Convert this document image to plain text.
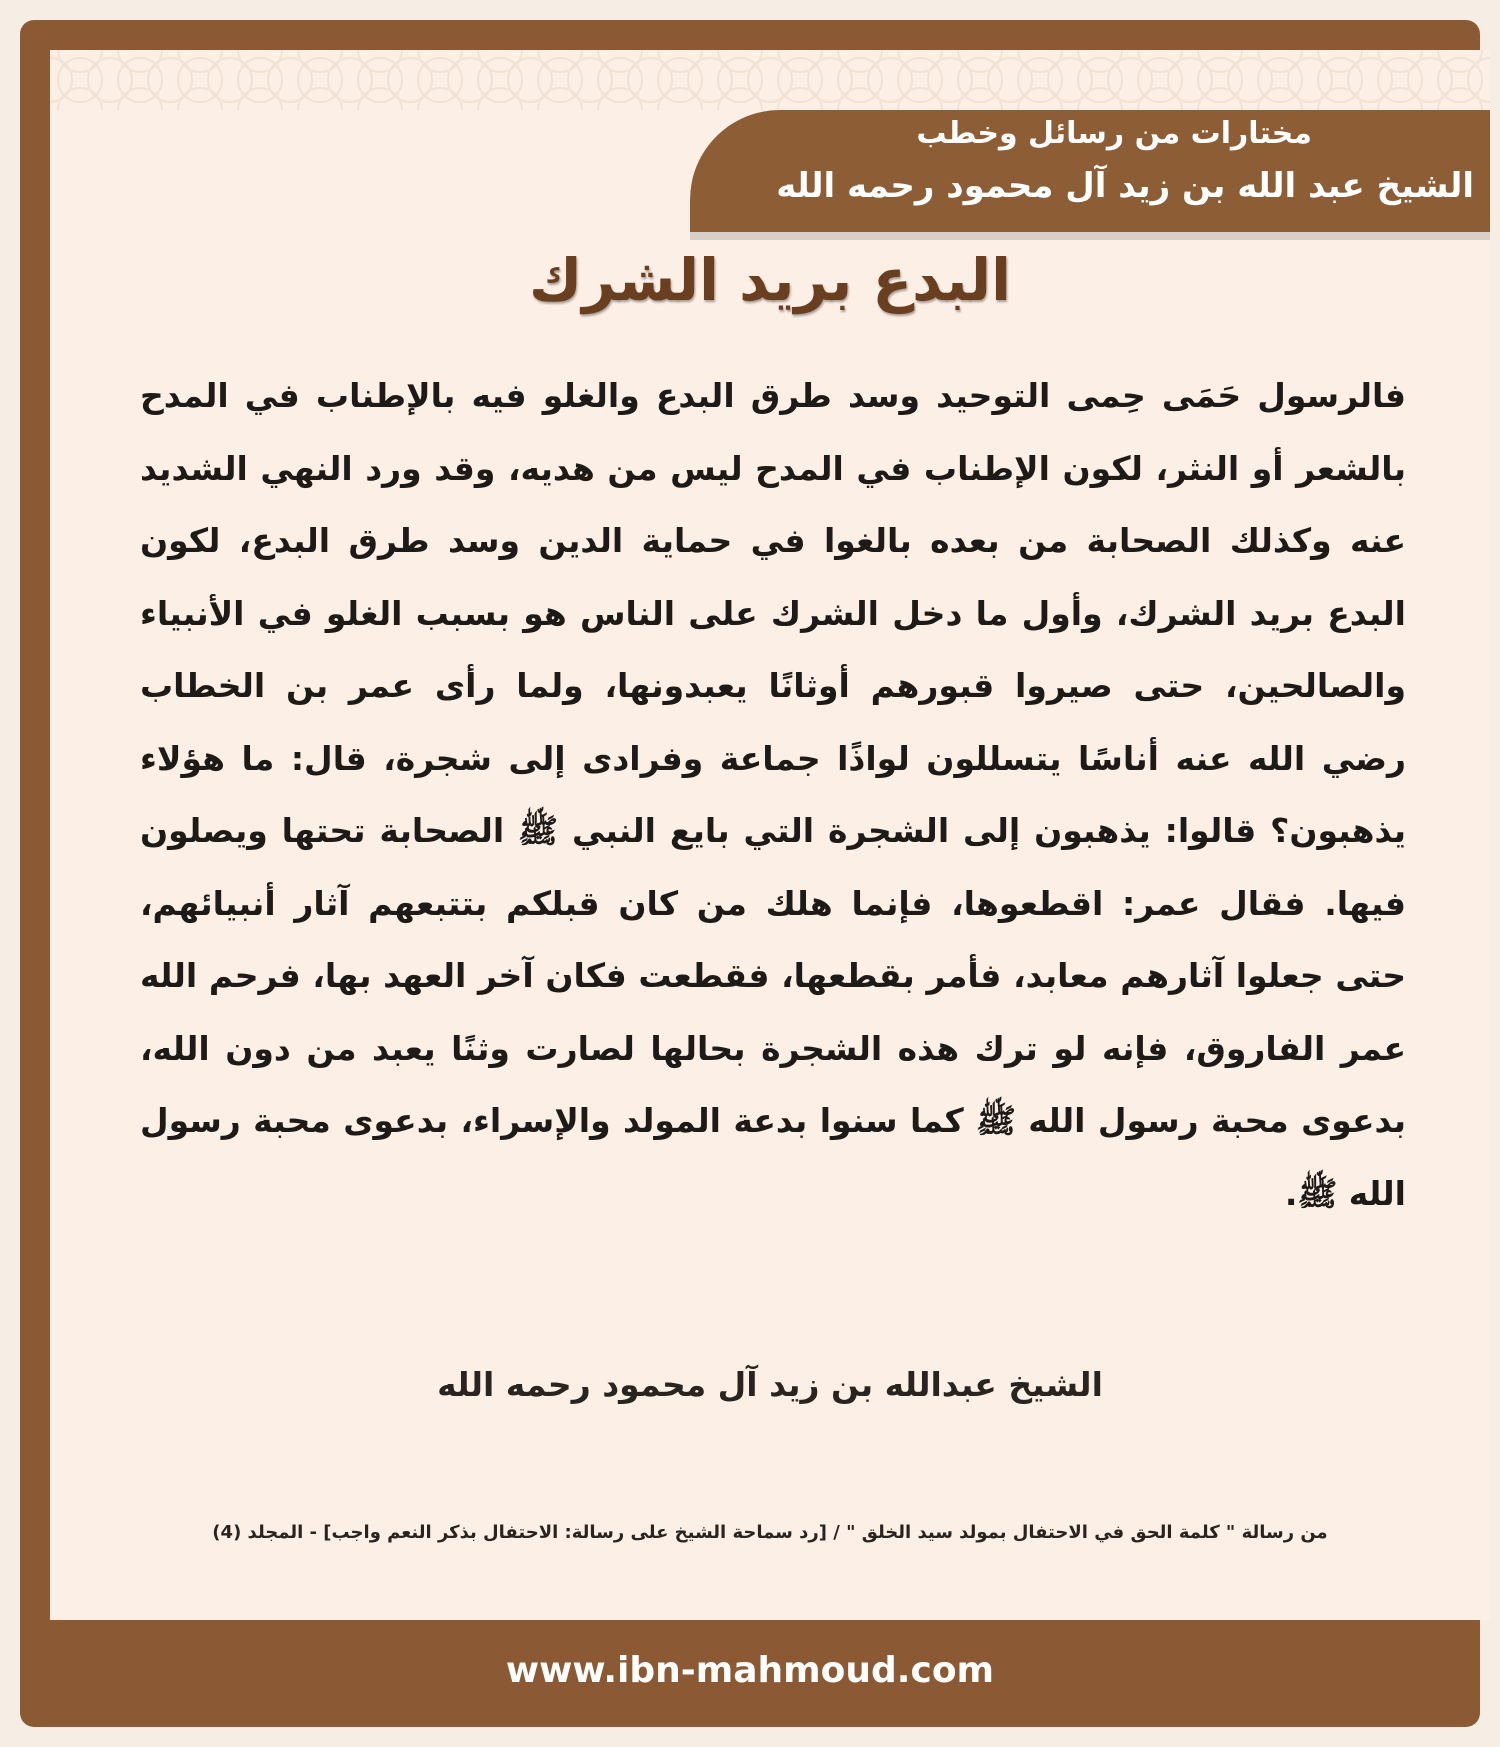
مختارات من رسائل وخطب
الشيخ عبد الله بن زيد آل محمود رحمه الله
البدع بريد الشرك
فالرسول حَمَى حِمى التوحيد وسد طرق البدع والغلو فيه بالإطناب في المدح بالشعر أو النثر، لكون الإطناب في المدح ليس من هديه، وقد ورد النهي الشديد عنه وكذلك الصحابة من بعده بالغوا في حماية الدين وسد طرق البدع، لكون البدع بريد الشرك، وأول ما دخل الشرك على الناس هو بسبب الغلو في الأنبياء والصالحين، حتى صيروا قبورهم أوثانًا يعبدونها، ولما رأى عمر بن الخطاب رضي الله عنه أناسًا يتسللون لواذًا جماعة وفرادى إلى شجرة، قال: ما هؤلاء يذهبون؟ قالوا: يذهبون إلى الشجرة التي بايع النبي ﷺ الصحابة تحتها ويصلون فيها. فقال عمر: اقطعوها، فإنما هلك من كان قبلكم بتتبعهم آثار أنبيائهم، حتى جعلوا آثارهم معابد، فأمر بقطعها، فقطعت فكان آخر العهد بها، فرحم الله عمر الفاروق، فإنه لو ترك هذه الشجرة بحالها لصارت وثنًا يعبد من دون الله، بدعوى محبة رسول الله ﷺ كما سنوا بدعة المولد والإسراء، بدعوى محبة رسول الله ﷺ.
الشيخ عبدالله بن زيد آل محمود رحمه الله
من رسالة " كلمة الحق في الاحتفال بمولد سيد الخلق " / [رد سماحة الشيخ على رسالة: الاحتفال بذكر النعم واجب] - المجلد (4)
www.ibn-mahmoud.com
